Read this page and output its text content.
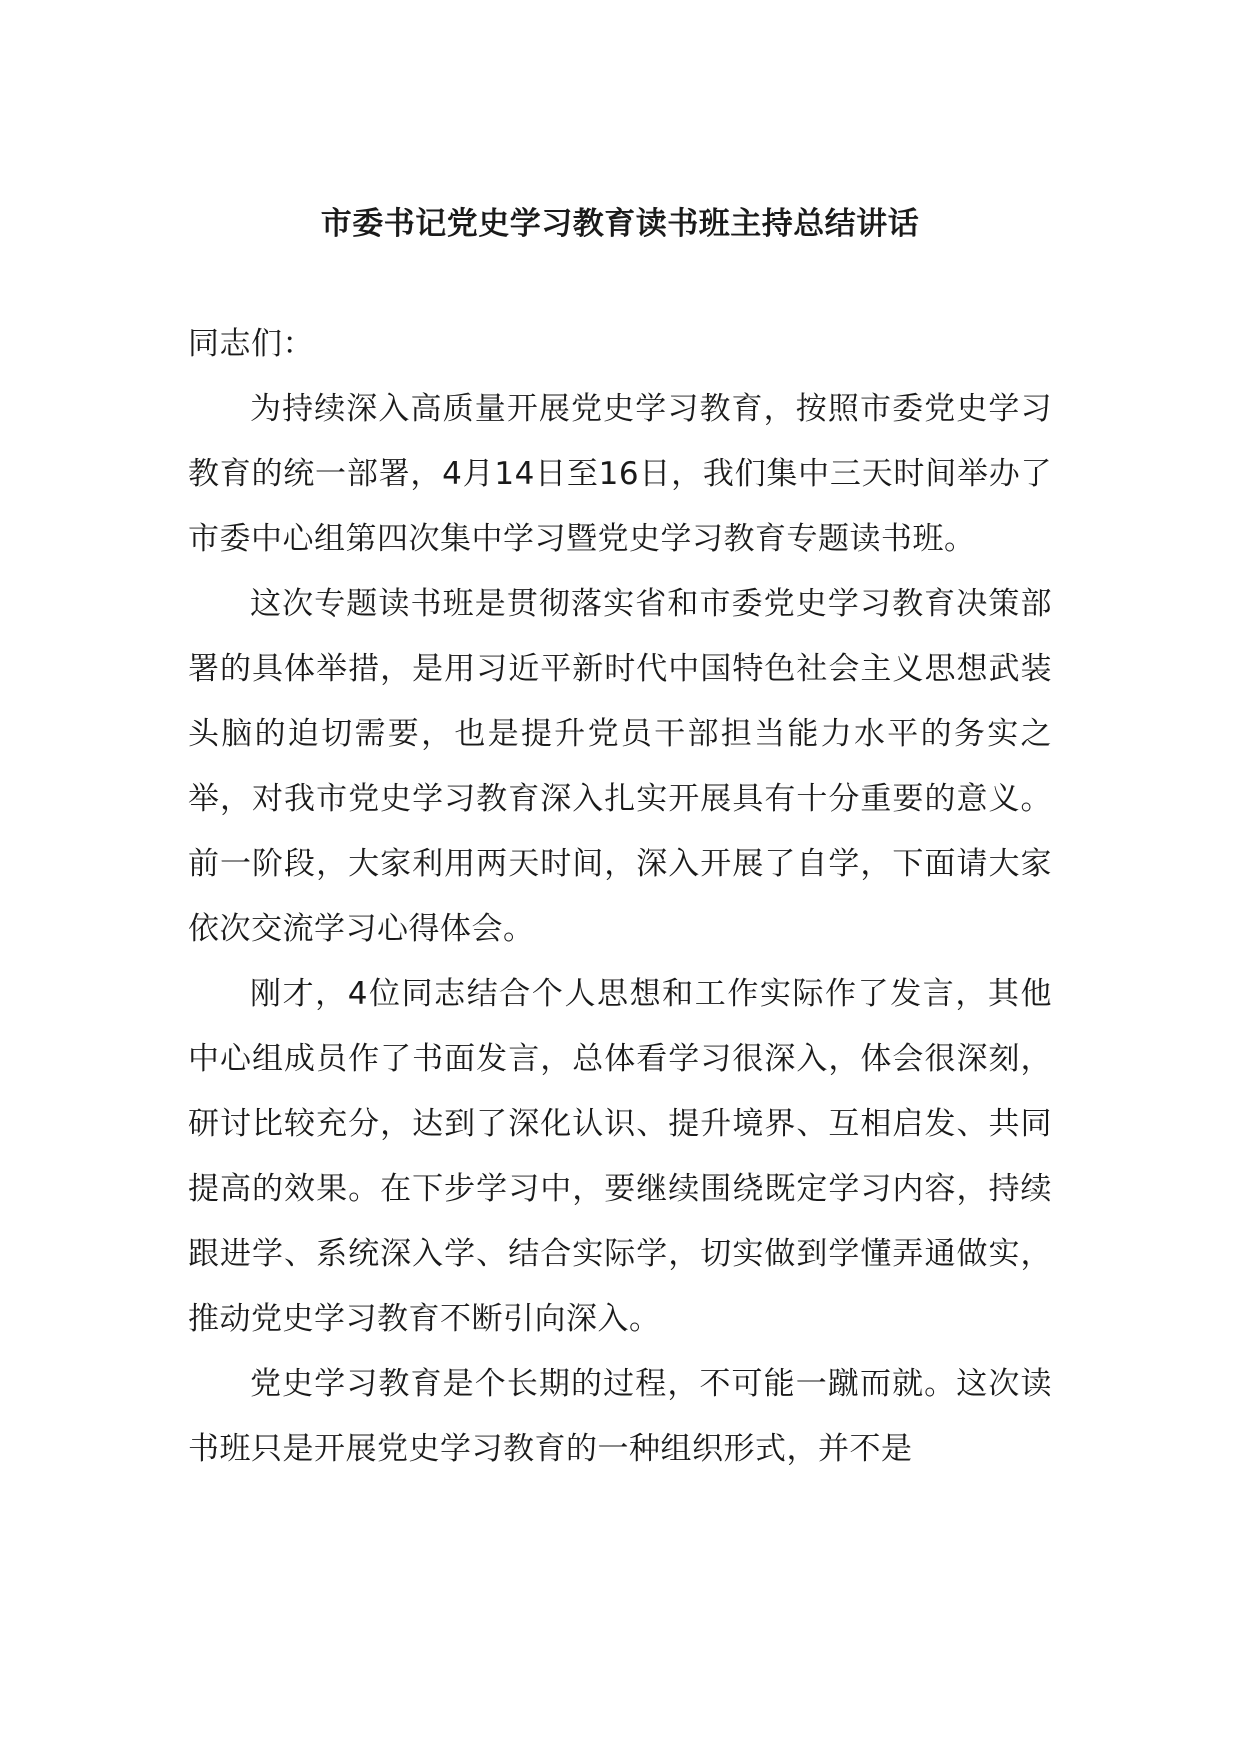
市委书记党史学习教育读书班主持总结讲话

同志们：

为持续深入高质量开展党史学习教育，按照市委党史学习教育的统一部署，4月14日至16日，我们集中三天时间举办了市委中心组第四次集中学习暨党史学习教育专题读书班。

这次专题读书班是贯彻落实省和市委党史学习教育决策部署的具体举措，是用习近平新时代中国特色社会主义思想武装头脑的迫切需要，也是提升党员干部担当能力水平的务实之举，对我市党史学习教育深入扎实开展具有十分重要的意义。前一阶段，大家利用两天时间，深入开展了自学，下面请大家依次交流学习心得体会。

刚才，4位同志结合个人思想和工作实际作了发言，其他中心组成员作了书面发言，总体看学习很深入，体会很深刻，研讨比较充分，达到了深化认识、提升境界、互相启发、共同提高的效果。在下步学习中，要继续围绕既定学习内容，持续跟进学、系统深入学、结合实际学，切实做到学懂弄通做实，推动党史学习教育不断引向深入。

党史学习教育是个长期的过程，不可能一蹴而就。这次读书班只是开展党史学习教育的一种组织形式，并不是
